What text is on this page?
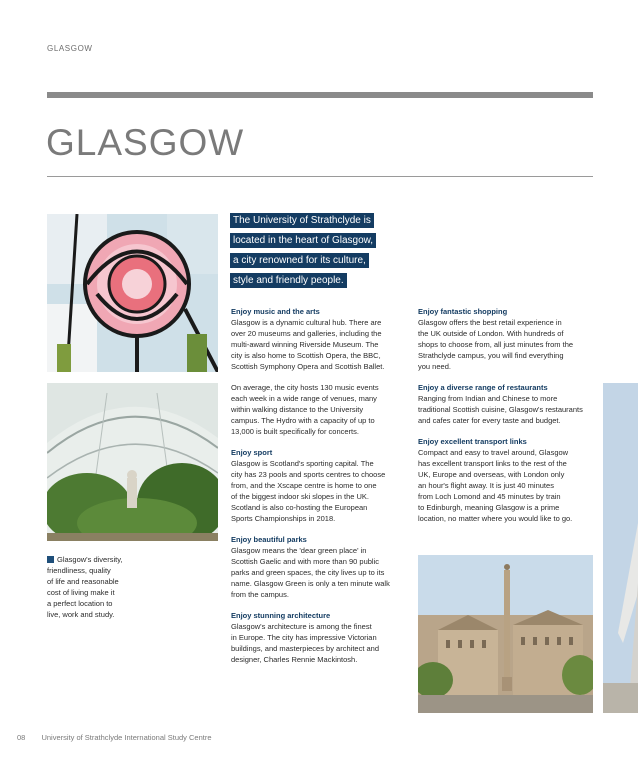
GLASGOW
GLASGOW
Glasgow's diversity,
friendliness, quality
of life and reasonable
cost of living make it
a perfect location to
live, work and study.
The University of Strathclyde is
located in the heart of Glasgow,
a city renowned for its culture,
style and friendly people.
Enjoy music and the arts

Glasgow is a dynamic cultural hub. There are
over 20 museums and galleries, including the
multi-award winning Riverside Museum. The
city is also home to Scottish Opera, the BBC,
Scottish Symphony Opera and Scottish Ballet.

On average, the city hosts 130 music events
each week in a wide range of venues, many
within walking distance to the University
campus. The Hydro with a capacity of up to
13,000 is built specifically for concerts.

Enjoy sport

Glasgow is Scotland's sporting capital. The
city has 23 pools and sports centres to choose
from, and the Xscape centre is home to one
of the biggest indoor ski slopes in the UK.
Scotland is also co-hosting the European
Sports Championships in 2018.

Enjoy beautiful parks

Glasgow means the 'dear green place' in
Scottish Gaelic and with more than 90 public
parks and green spaces, the city lives up to its
name. Glasgow Green is only a ten minute walk
from the campus.

Enjoy stunning architecture

Glasgow's architecture is among the finest
in Europe. The city has impressive Victorian
buildings, and masterpieces by architect and
designer, Charles Rennie Mackintosh.

Enjoy fantastic shopping

Glasgow offers the best retail experience in
the UK outside of London. With hundreds of
shops to choose from, all just minutes from the
Strathclyde campus, you will find everything
you need.

Enjoy a diverse range of restaurants

Ranging from Indian and Chinese to more
traditional Scottish cuisine, Glasgow's restaurants
and cafes cater for every taste and budget.

Enjoy excellent transport links

Compact and easy to travel around, Glasgow
has excellent transport links to the rest of the
UK, Europe and overseas, with London only
an hour's flight away. It is just 40 minutes
from Loch Lomond and 45 minutes by train
to Edinburgh, meaning Glasgow is a prime
location, no matter where you would like to go.

08 University of Strathclyde International Study Centre
